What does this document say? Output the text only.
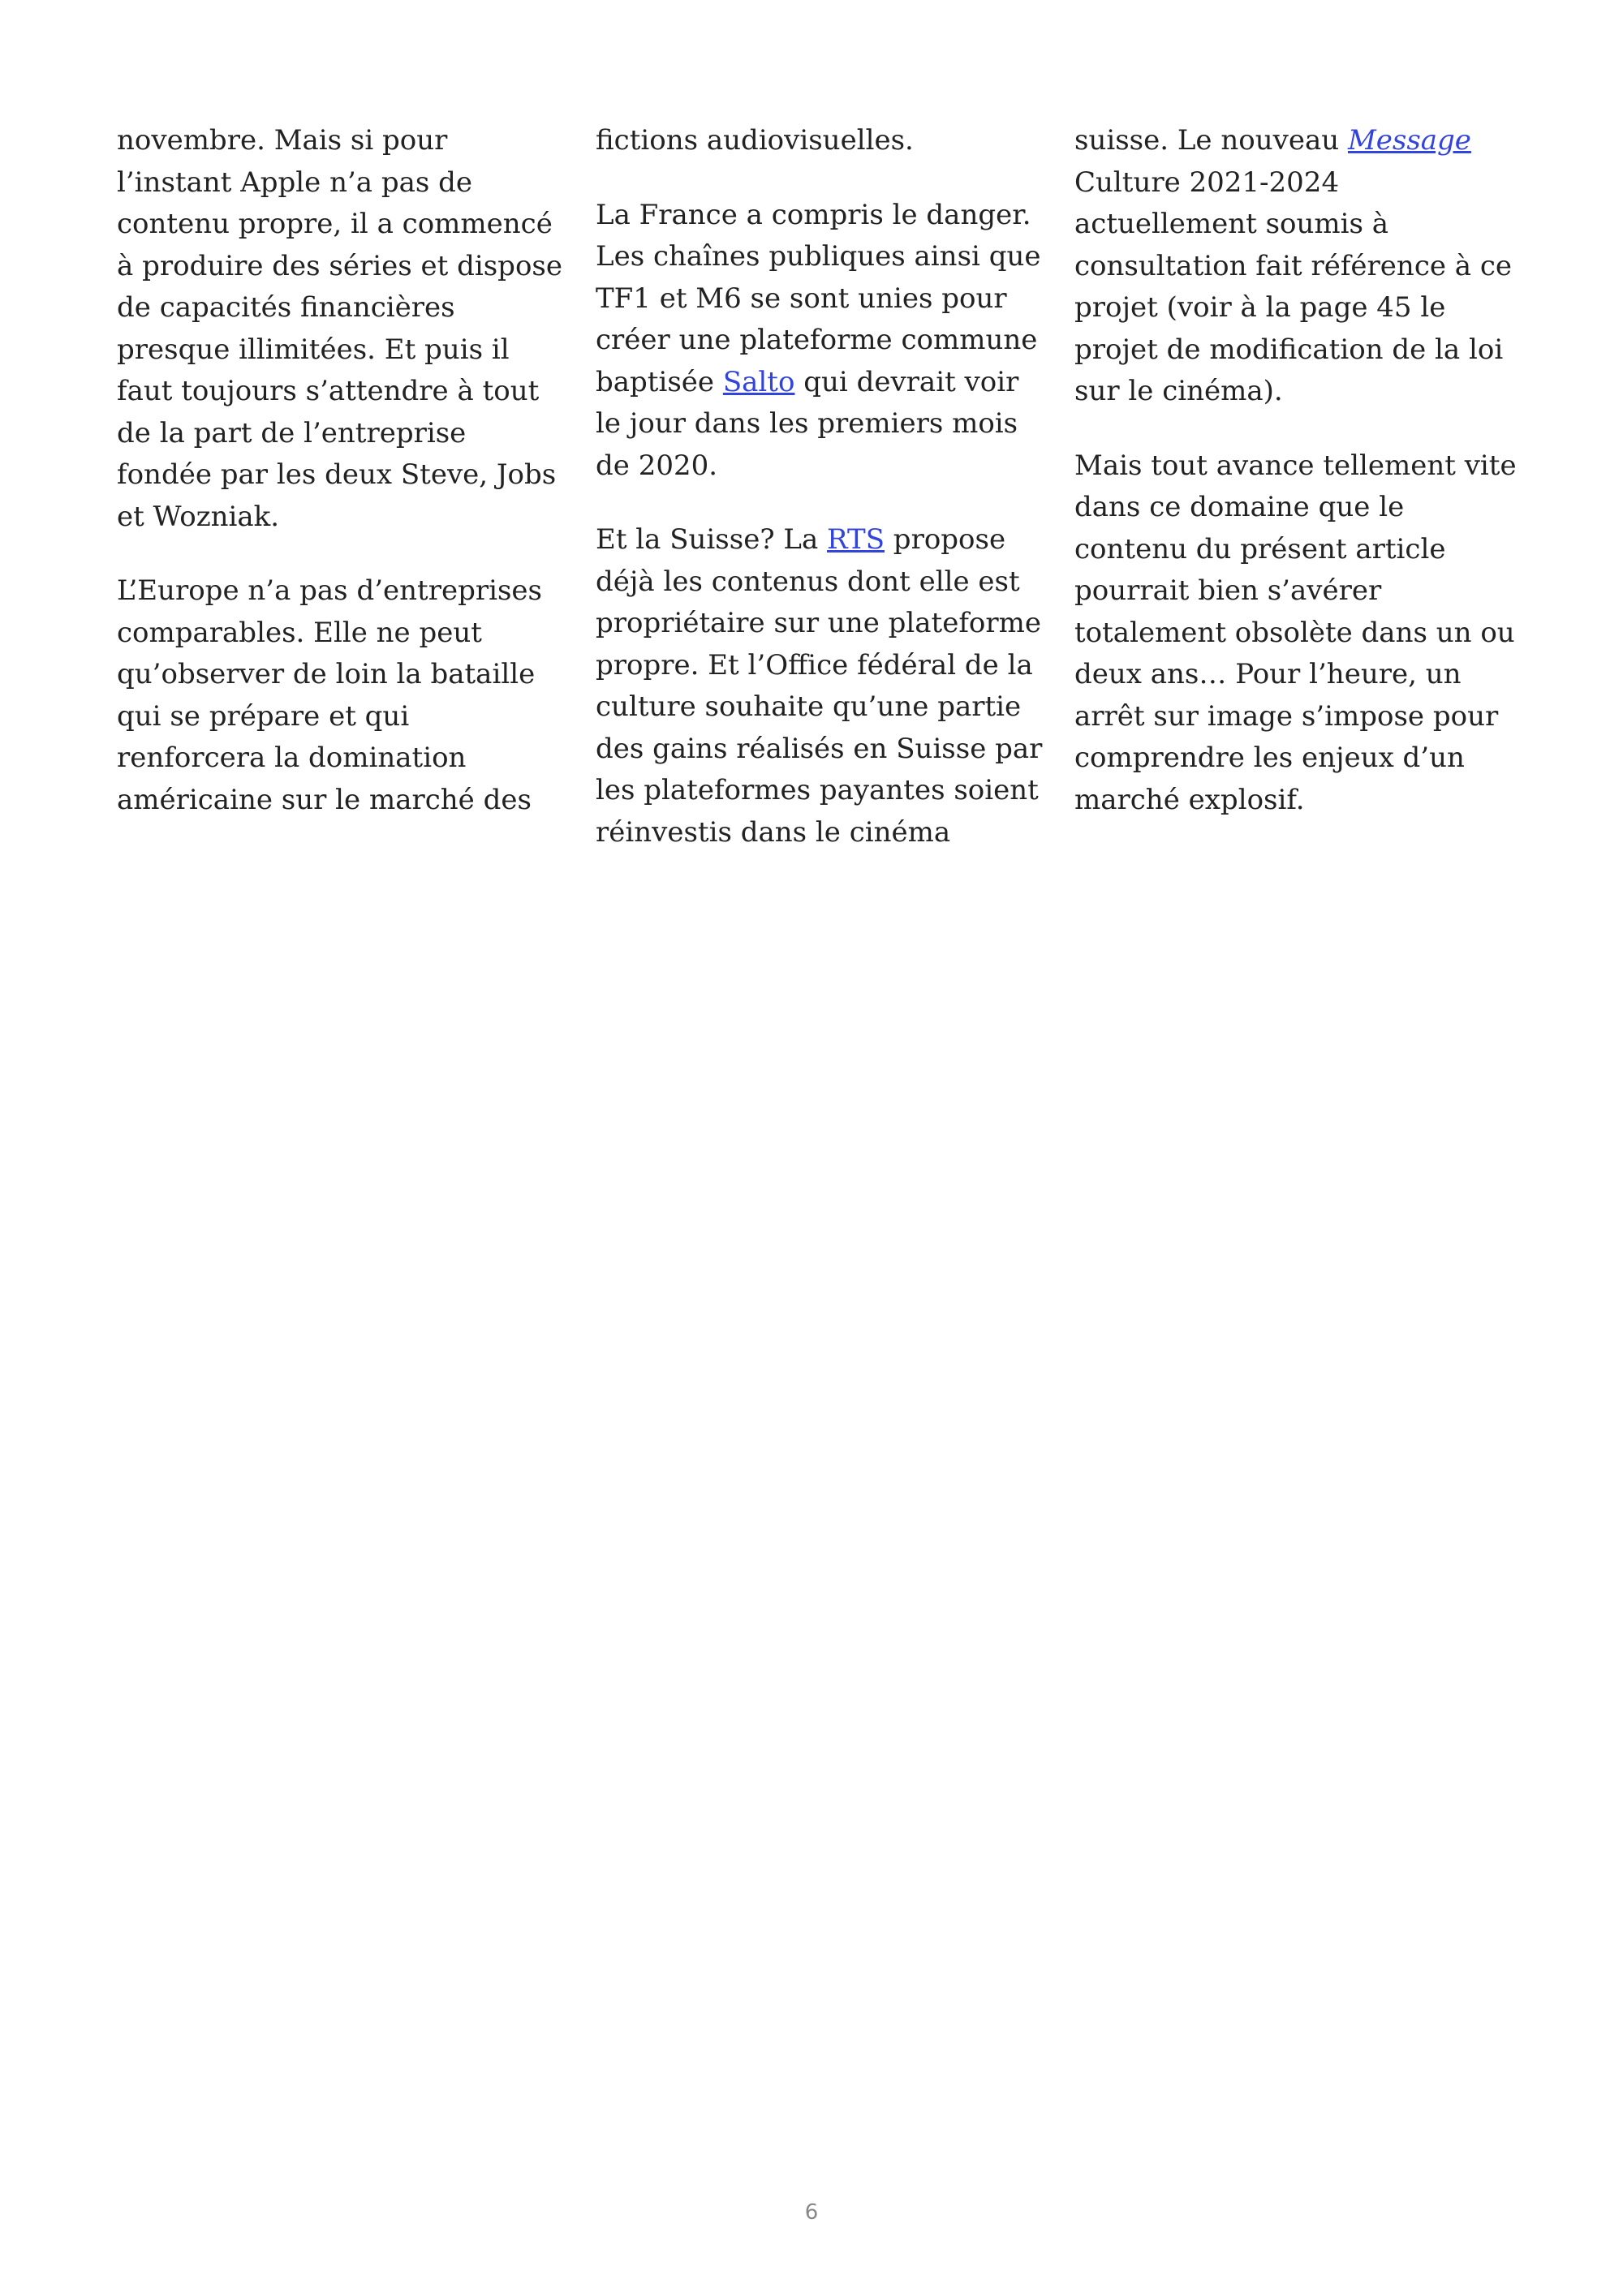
novembre. Mais si pour
l’instant Apple n’a pas de
contenu propre, il a commencé
à produire des séries et dispose
de capacités financières
presque illimitées. Et puis il
faut toujours s’attendre à tout
de la part de l’entreprise
fondée par les deux Steve, Jobs
et Wozniak.

L’Europe n’a pas d’entreprises
comparables. Elle ne peut
qu’observer de loin la bataille
qui se prépare et qui
renforcera la domination
américaine sur le marché des

fictions audiovisuelles.

La France a compris le danger.
Les chaînes publiques ainsi que
TF1 et M6 se sont unies pour
créer une plateforme commune
baptisée Salto qui devrait voir
le jour dans les premiers mois
de 2020.

Et la Suisse? La RTS propose
déjà les contenus dont elle est
propriétaire sur une plateforme
propre. Et l’Office fédéral de la
culture souhaite qu’une partie
des gains réalisés en Suisse par
les plateformes payantes soient
réinvestis dans le cinéma

suisse. Le nouveau Message
Culture 2021-2024
actuellement soumis à
consultation fait référence à ce
projet (voir à la page 45 le
projet de modification de la loi
sur le cinéma).

Mais tout avance tellement vite
dans ce domaine que le
contenu du présent article
pourrait bien s’avérer
totalement obsolète dans un ou
deux ans… Pour l’heure, un
arrêt sur image s’impose pour
comprendre les enjeux d’un
marché explosif.

6
